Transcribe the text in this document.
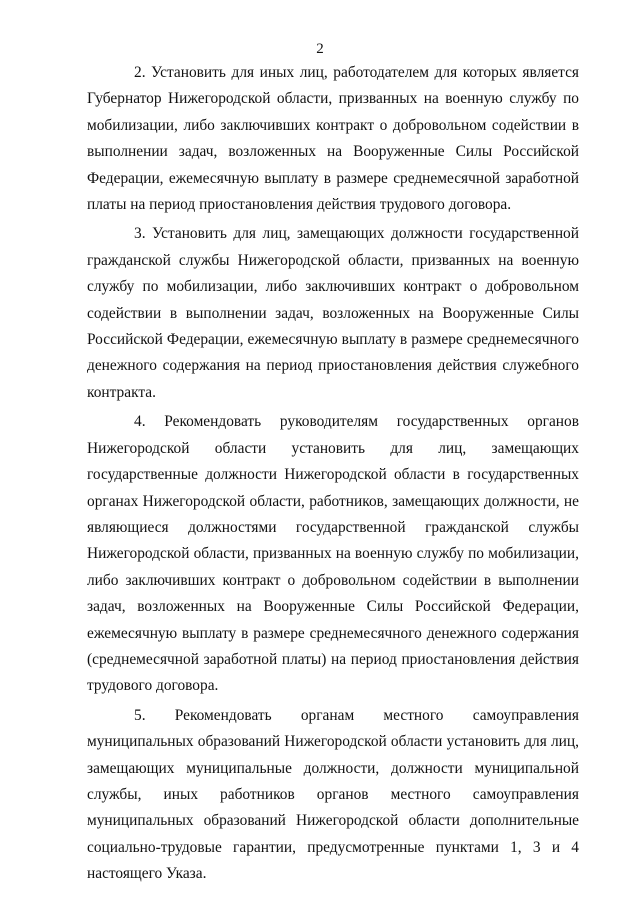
2

2. Установить для иных лиц, работодателем для которых является Губернатор Нижегородской области, призванных на военную службу по мобилизации, либо заключивших контракт о добровольном содействии в выполнении задач, возложенных на Вооруженные Силы Российской Федерации, ежемесячную выплату в размере среднемесячной заработной платы на период приостановления действия трудового договора.

3. Установить для лиц, замещающих должности государственной гражданской службы Нижегородской области, призванных на военную службу по мобилизации, либо заключивших контракт о добровольном содействии в выполнении задач, возложенных на Вооруженные Силы Российской Федерации, ежемесячную выплату в размере среднемесячного денежного содержания на период приостановления действия служебного контракта.

4. Рекомендовать руководителям государственных органов Нижегородской области установить для лиц, замещающих государственные должности Нижегородской области в государственных органах Нижегородской области, работников, замещающих должности, не являющиеся должностями государственной гражданской службы Нижегородской области, призванных на военную службу по мобилизации, либо заключивших контракт о добровольном содействии в выполнении задач, возложенных на Вооруженные Силы Российской Федерации, ежемесячную выплату в размере среднемесячного денежного содержания (среднемесячной заработной платы) на период приостановления действия трудового договора.

5. Рекомендовать органам местного самоуправления муниципальных образований Нижегородской области установить для лиц, замещающих муниципальные должности, должности муниципальной службы, иных работников органов местного самоуправления муниципальных образований Нижегородской области дополнительные социально-трудовые гарантии, предусмотренные пунктами 1, 3 и 4 настоящего Указа.
